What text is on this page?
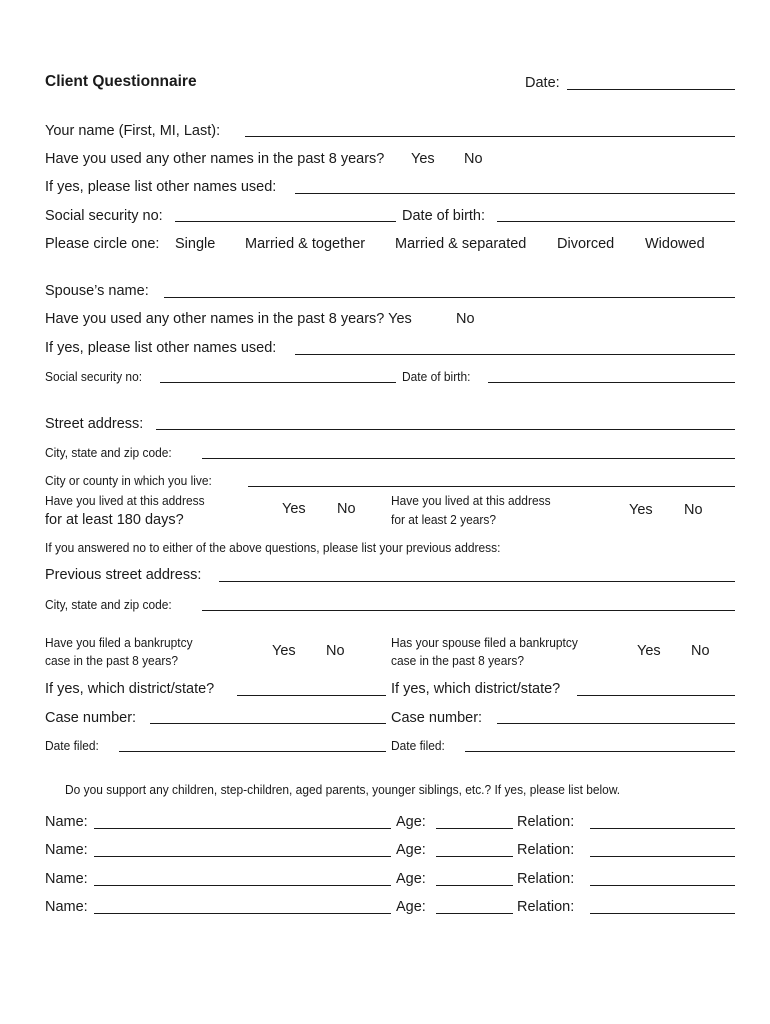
Client Questionnaire	Date:
Your name (First, MI, Last):
Have you used any other names in the past 8 years? Yes No
If yes, please list other names used:
Social security no:	Date of birth:
Please circle one: Single Married & together Married & separated Divorced Widowed
Spouse’s name:
Have you used any other names in the past 8 years? Yes	No
If yes, please list other names used:
Social security no:	Date of birth:
Street address:
City, state and zip code:
City or county in which you live:
Have you lived at this address
for at least 180 days?
Yes No
Have you lived at this address
for at least 2 years?
Yes No
If you answered no to either of the above questions, please list your previous address:
Previous street address:
City, state and zip code:
Have you filed a bankruptcy
case in the past 8 years?
Yes No
Has your spouse filed a bankruptcy
case in the past 8 years?
Yes No
If yes, which district/state?	If yes, which district/state?
Case number:	Case number:
Date filed:	Date filed:
Do you support any children, step-children, aged parents, younger siblings, etc.? If yes, please list below.
Name:	Age:	Relation:
Name:	Age:	Relation:
Name:	Age:	Relation:
Name:	Age:	Relation:
